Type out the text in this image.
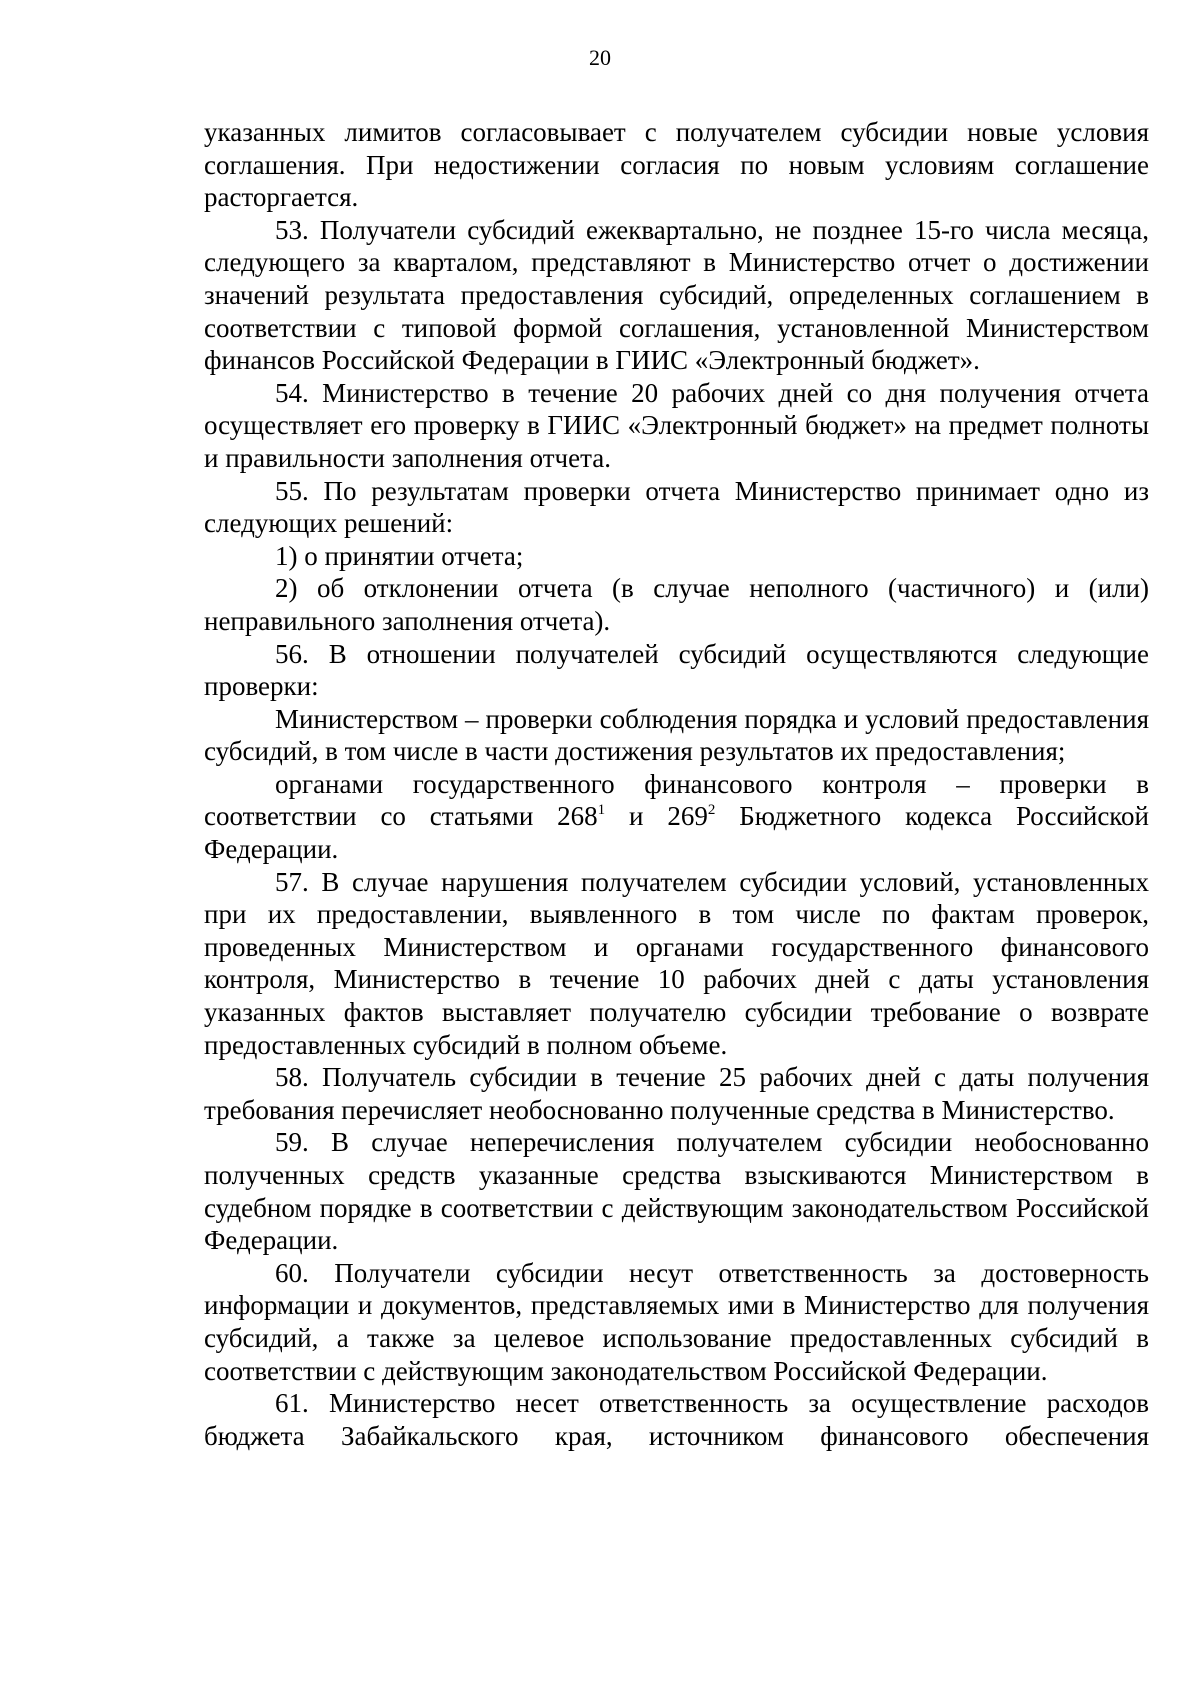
20

указанных лимитов согласовывает с получателем субсидии новые условия соглашения. При недостижении согласия по новым условиям соглашение расторгается.

53. Получатели субсидий ежеквартально, не позднее 15-го числа месяца, следующего за кварталом, представляют в Министерство отчет о достижении значений результата предоставления субсидий, определенных соглашением в соответствии с типовой формой соглашения, установленной Министерством финансов Российской Федерации в ГИИС «Электронный бюджет».

54. Министерство в течение 20 рабочих дней со дня получения отчета осуществляет его проверку в ГИИС «Электронный бюджет» на предмет полноты и правильности заполнения отчета.

55. По результатам проверки отчета Министерство принимает одно из следующих решений:

1) о принятии отчета;

2) об отклонении отчета (в случае неполного (частичного) и (или) неправильного заполнения отчета).

56. В отношении получателей субсидий осуществляются следующие проверки:

Министерством – проверки соблюдения порядка и условий предоставления субсидий, в том числе в части достижения результатов их предоставления;

органами государственного финансового контроля – проверки в соответствии со статьями $268^1$ и $269^2$ Бюджетного кодекса Российской Федерации.

57. В случае нарушения получателем субсидии условий, установленных при их предоставлении, выявленного в том числе по фактам проверок, проведенных Министерством и органами государственного финансового контроля, Министерство в течение 10 рабочих дней с даты установления указанных фактов выставляет получателю субсидии требование о возврате предоставленных субсидий в полном объеме.

58. Получатель субсидии в течение 25 рабочих дней с даты получения требования перечисляет необоснованно полученные средства в Министерство.

59. В случае неперечисления получателем субсидии необоснованно полученных средств указанные средства взыскиваются Министерством в судебном порядке в соответствии с действующим законодательством Российской Федерации.

60. Получатели субсидии несут ответственность за достоверность информации и документов, представляемых ими в Министерство для получения субсидий, а также за целевое использование предоставленных субсидий в соответствии с действующим законодательством Российской Федерации.

61. Министерство несет ответственность за осуществление расходов бюджета Забайкальского края, источником финансового обеспечения
